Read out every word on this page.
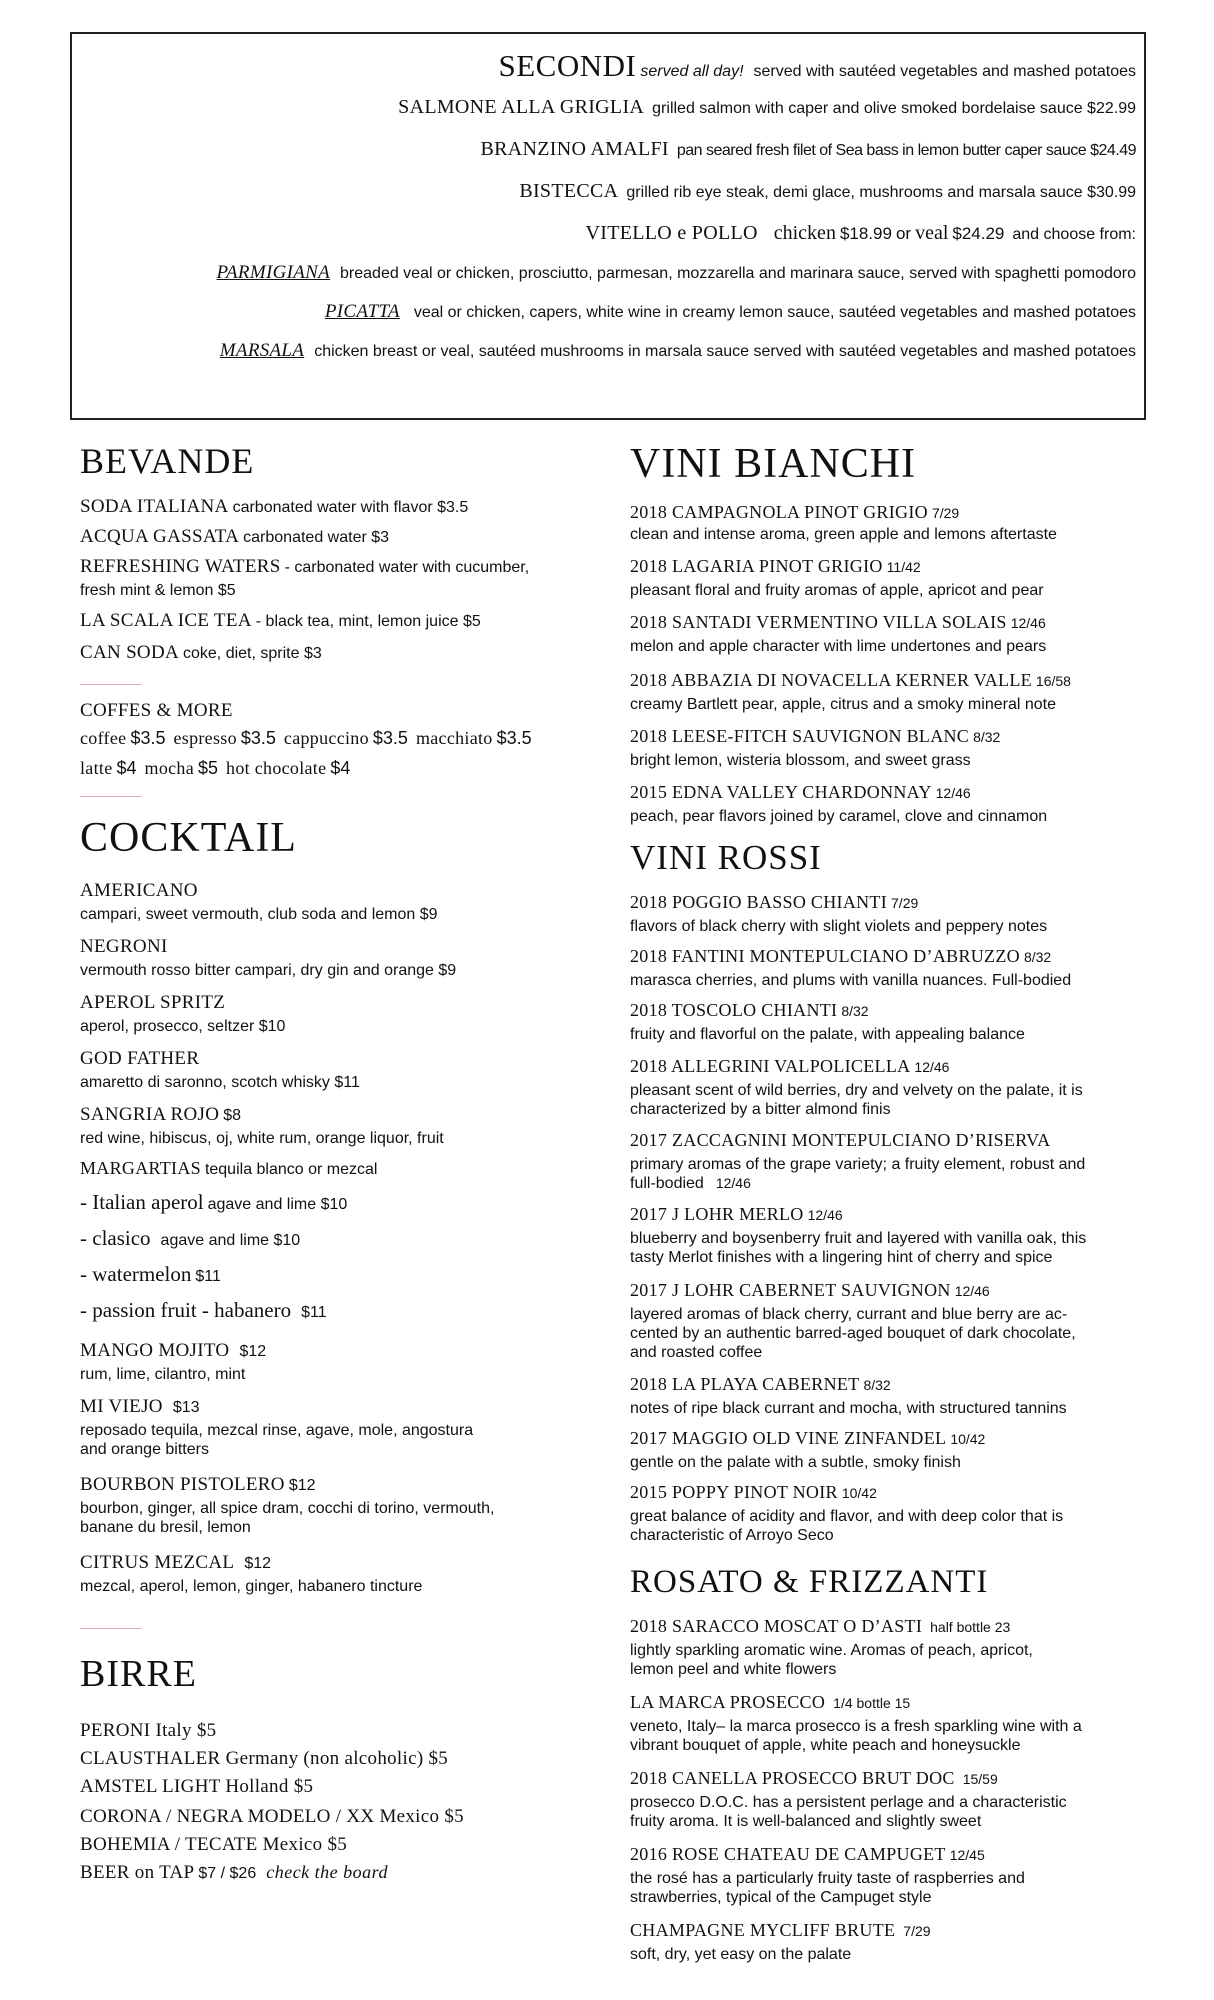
SECONDI served all day! served with sautéed vegetables and mashed potatoes
SALMONE ALLA GRIGLIA grilled salmon with caper and olive smoked bordelaise sauce $22.99
BRANZINO AMALFI pan seared fresh filet of Sea bass in lemon butter caper sauce $24.49
BISTECCA grilled rib eye steak, demi glace, mushrooms and marsala sauce $30.99
VITELLO e POLLO chicken $18.99 or veal $24.29 and choose from:
PARMIGIANA breaded veal or chicken, prosciutto, parmesan, mozzarella and marinara sauce, served with spaghetti pomodoro
PICATTA veal or chicken, capers, white wine in creamy lemon sauce, sautéed vegetables and mashed potatoes
MARSALA chicken breast or veal, sautéed mushrooms in marsala sauce served with sautéed vegetables and mashed potatoes
BEVANDE
SODA ITALIANA carbonated water with flavor $3.5
ACQUA GASSATA carbonated water $3
REFRESHING WATERS - carbonated water with cucumber,
fresh mint & lemon $5
LA SCALA ICE TEA - black tea, mint, lemon juice $5
CAN SODA coke, diet, sprite $3
COFFES & MORE
coffee $3.5 espresso $3.5 cappuccino $3.5 macchiato $3.5
latte $4 mocha $5 hot chocolate $4
COCKTAIL
AMERICANO
campari, sweet vermouth, club soda and lemon $9
NEGRONI
vermouth rosso bitter campari, dry gin and orange $9
APEROL SPRITZ
aperol, prosecco, seltzer $10
GOD FATHER
amaretto di saronno, scotch whisky $11
SANGRIA ROJO $8
red wine, hibiscus, oj, white rum, orange liquor, fruit
MARGARTIAS tequila blanco or mezcal
- Italian aperol agave and lime $10
- clasico agave and lime $10
- watermelon $11
- passion fruit - habanero $11
MANGO MOJITO $12
rum, lime, cilantro, mint
MI VIEJO $13
reposado tequila, mezcal rinse, agave, mole, angostura
and orange bitters
BOURBON PISTOLERO $12
bourbon, ginger, all spice dram, cocchi di torino, vermouth,
banane du bresil, lemon
CITRUS MEZCAL $12
mezcal, aperol, lemon, ginger, habanero tincture
BIRRE
PERONI Italy $5
CLAUSTHALER Germany (non alcoholic) $5
AMSTEL LIGHT Holland $5
CORONA / NEGRA MODELO / XX Mexico $5
BOHEMIA / TECATE Mexico $5
BEER on TAP $7 / $26 check the board
VINI BIANCHI
2018 CAMPAGNOLA PINOT GRIGIO 7/29
clean and intense aroma, green apple and lemons aftertaste
2018 LAGARIA PINOT GRIGIO 11/42
pleasant floral and fruity aromas of apple, apricot and pear
2018 SANTADI VERMENTINO VILLA SOLAIS 12/46
melon and apple character with lime undertones and pears
2018 ABBAZIA DI NOVACELLA KERNER VALLE 16/58
creamy Bartlett pear, apple, citrus and a smoky mineral note
2018 LEESE-FITCH SAUVIGNON BLANC 8/32
bright lemon, wisteria blossom, and sweet grass
2015 EDNA VALLEY CHARDONNAY 12/46
peach, pear flavors joined by caramel, clove and cinnamon
VINI ROSSI
2018 POGGIO BASSO CHIANTI 7/29
flavors of black cherry with slight violets and peppery notes
2018 FANTINI MONTEPULCIANO D’ABRUZZO 8/32
marasca cherries, and plums with vanilla nuances. Full-bodied
2018 TOSCOLO CHIANTI 8/32
fruity and flavorful on the palate, with appealing balance
2018 ALLEGRINI VALPOLICELLA 12/46
pleasant scent of wild berries, dry and velvety on the palate, it is
characterized by a bitter almond finis
2017 ZACCAGNINI MONTEPULCIANO D’RISERVA
primary aromas of the grape variety; a fruity element, robust and
full-bodied 12/46
2017 J LOHR MERLO 12/46
blueberry and boysenberry fruit and layered with vanilla oak, this
tasty Merlot finishes with a lingering hint of cherry and spice
2017 J LOHR CABERNET SAUVIGNON 12/46
layered aromas of black cherry, currant and blue berry are ac-
cented by an authentic barred-aged bouquet of dark chocolate,
and roasted coffee
2018 LA PLAYA CABERNET 8/32
notes of ripe black currant and mocha, with structured tannins
2017 MAGGIO OLD VINE ZINFANDEL 10/42
gentle on the palate with a subtle, smoky finish
2015 POPPY PINOT NOIR 10/42
great balance of acidity and flavor, and with deep color that is
characteristic of Arroyo Seco
ROSATO & FRIZZANTI
2018 SARACCO MOSCAT O D’ASTI half bottle 23
lightly sparkling aromatic wine. Aromas of peach, apricot,
lemon peel and white flowers
LA MARCA PROSECCO 1/4 bottle 15
veneto, Italy– la marca prosecco is a fresh sparkling wine with a
vibrant bouquet of apple, white peach and honeysuckle
2018 CANELLA PROSECCO BRUT DOC 15/59
prosecco D.O.C. has a persistent perlage and a characteristic
fruity aroma. It is well-balanced and slightly sweet
2016 ROSE CHATEAU DE CAMPUGET 12/45
the rosé has a particularly fruity taste of raspberries and
strawberries, typical of the Campuget style
CHAMPAGNE MYCLIFF BRUTE 7/29
soft, dry, yet easy on the palate
